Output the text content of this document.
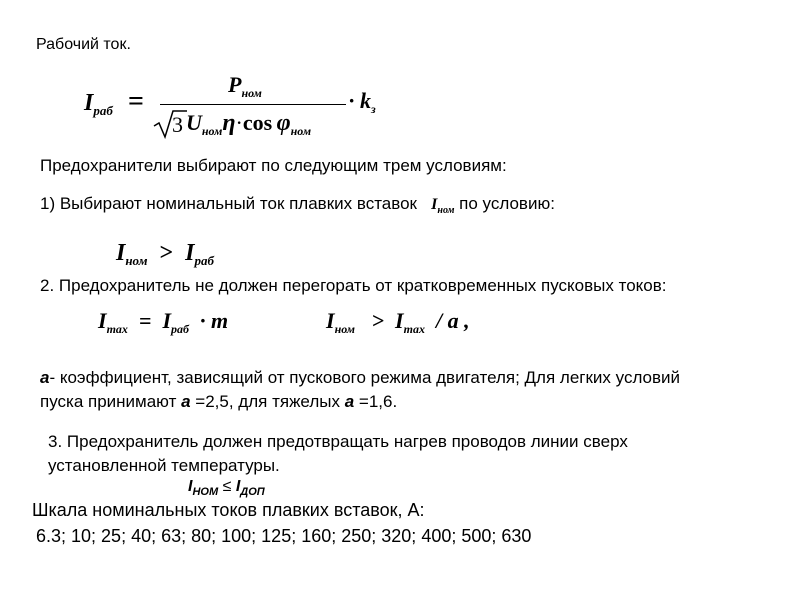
Рабочий ток.
$I_{раб}$ =
$P_{ном}$
3 $U_{ном}\eta\cdot\cos$  $\varphi_{ном}$
· $k_з$
Предохранители выбирают по следующим трем условиям:
1) Выбирают номинальный ток плавких вставок $I_{ном}$ по условию:
$I_{ном} > I_{раб}$
2. Предохранитель не должен перегорать от кратковременных пусковых токов:
$I_{max} = I_{раб} \cdot m$	$I_{ном} > I_{max} / a$ ,
a- коэффициент, зависящий от пускового режима двигателя; Для легких условий
пуска принимают a =2,5, для тяжелых a =1,6.
3. Предохранитель должен предотвращать нагрев проводов линии сверх
установленной температуры.
$I_{НОМ} \le I_{ДОП}$
Шкала номинальных токов плавких вставок, А:
6.3; 10; 25; 40; 63; 80; 100; 125; 160; 250; 320; 400; 500; 630
